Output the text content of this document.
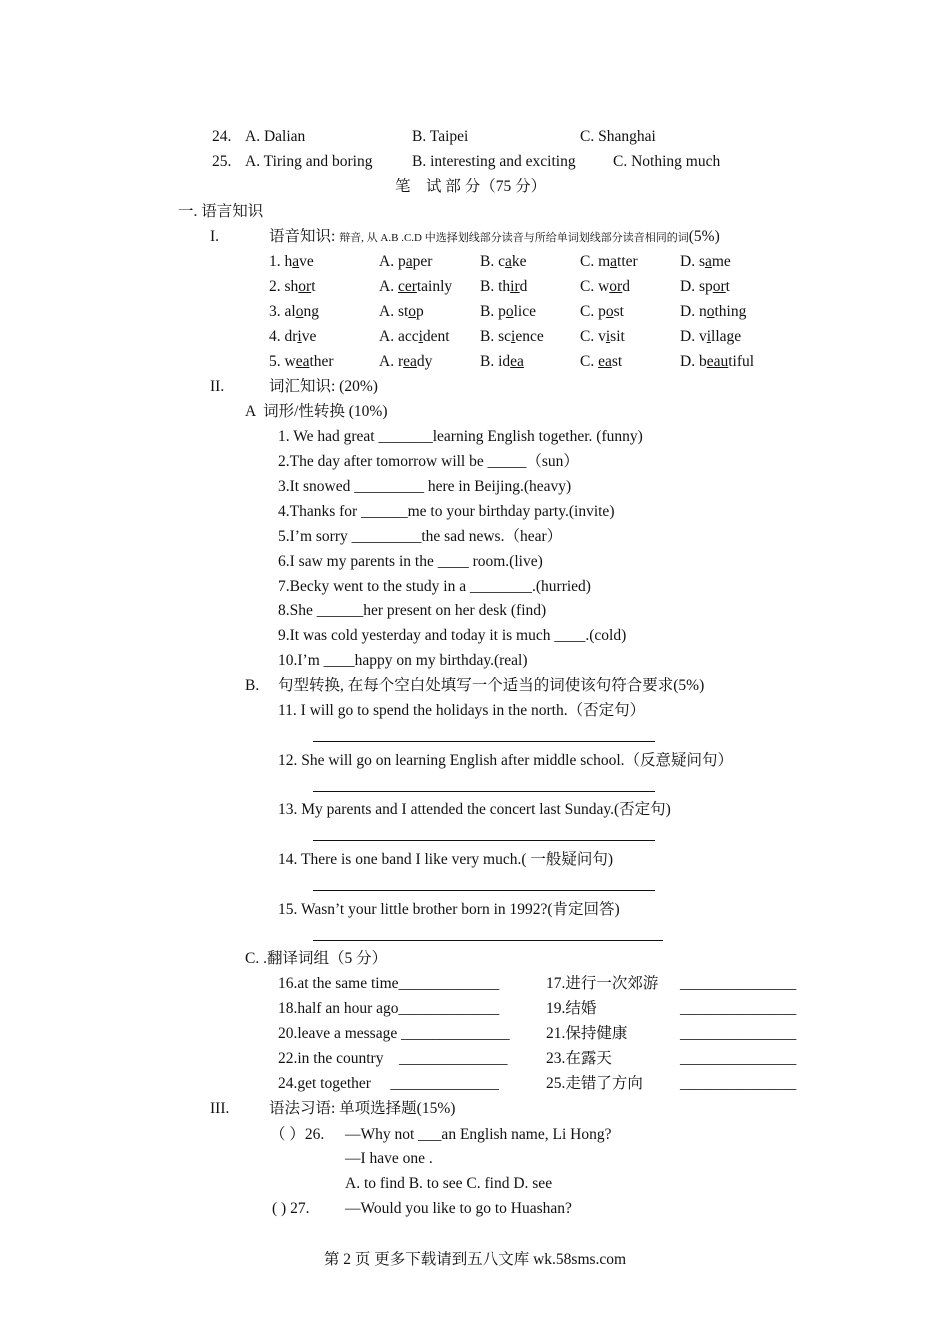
24. A. Dalian	B. Taipei	C. Shanghai
25. A. Tiring and boring	B. interesting and exciting C. Nothing much
笔　试 部 分（75 分）
一. 语言知识
I.	语音知识: 辩音, 从 A.B .C.D 中选择划线部分读音与所给单词划线部分读音相同的词(5%)
1. have	A. paper	B. cake	C. matter	D. same
2. short	A. certainly B. third	C. word	D. sport
3. along	A. stop	B. police	C. post	D. nothing
4. drive	A. accident B. science C. visit	D. village
5. weather	A. ready	B. idea	C. east	D. beautiful
II.	词汇知识: (20%)
A  词形/性转换 (10%)
1. We had great _______learning English together. (funny)
2.The day after tomorrow will be _____（sun）
3.It snowed _________ here in Beijing.(heavy)
4.Thanks for ______me to your birthday party.(invite)
5.I’m sorry _________the sad news.（hear）
6.I saw my parents in the ____ room.(live)
7.Becky went to the study in a ________.(hurried)
8.She ______her present on her desk (find)
9.It was cold yesterday and today it is much ____.(cold)
10.I’m ____happy on my birthday.(real)
B. 句型转换, 在每个空白处填写一个适当的词使该句符合要求(5%)
11. I will go to spend the holidays in the north.（否定句）
12. She will go on learning English after middle school.（反意疑问句）
13. My parents and I attended the concert last Sunday.(否定句)
14. There is one band I like very much.( 一般疑问句)
15. Wasn’t your little brother born in 1992?(肯定回答)
C. .翻译词组（5 分）
16.at the same time_____________	17.进行一次郊游 _______________
18.half an hour ago_____________	19.结婚	_______________
20.leave a message ______________ 21.保持健康	_______________
22.in the country    ______________ 23.在露天	_______________
24.get together     ______________	25.走错了方向 _______________
III.	语法习语: 单项选择题(15%)
（ ）26. —Why not ___an English name, Li Hong?
—I have one .
A. to find B. to see C. find D. see
( ) 27. —Would you like to go to Huashan?
第 2 页 更多下载请到五八文库 wk.58sms.com
